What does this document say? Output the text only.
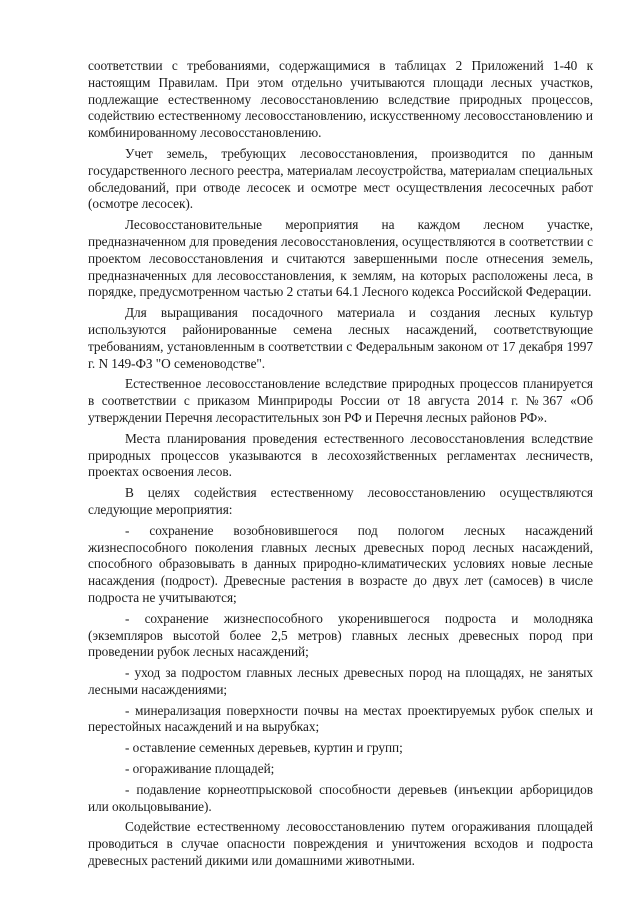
соответствии с требованиями, содержащимися в таблицах 2 Приложений 1-40 к настоящим Правилам. При этом отдельно учитываются площади лесных участков, подлежащие естественному лесовосстановлению вследствие природных процессов, содействию естественному лесовосстановлению, искусственному лесовосстановлению и комбинированному лесовосстановлению.

Учет земель, требующих лесовосстановления, производится по данным государственного лесного реестра, материалам лесоустройства, материалам специальных обследований, при отводе лесосек и осмотре мест осуществления лесосечных работ (осмотре лесосек).

Лесовосстановительные мероприятия на каждом лесном участке, предназначенном для проведения лесовосстановления, осуществляются в соответствии с проектом лесовосстановления и считаются завершенными после отнесения земель, предназначенных для лесовосстановления, к землям, на которых расположены леса, в порядке, предусмотренном частью 2 статьи 64.1 Лесного кодекса Российской Федерации.

Для выращивания посадочного материала и создания лесных культур используются районированные семена лесных насаждений, соответствующие требованиям, установленным в соответствии с Федеральным законом от 17 декабря 1997 г. N 149-ФЗ "О семеноводстве".

Естественное лесовосстановление вследствие природных процессов планируется в соответствии с приказом Минприроды России от 18 августа 2014 г. №367 «Об утверждении Перечня лесорастительных зон РФ и Перечня лесных районов РФ».

Места планирования проведения естественного лесовосстановления вследствие природных процессов указываются в лесохозяйственных регламентах лесничеств, проектах освоения лесов.

В целях содействия естественному лесовосстановлению осуществляются следующие мероприятия:

- сохранение возобновившегося под пологом лесных насаждений жизнеспособного поколения главных лесных древесных пород лесных насаждений, способного образовывать в данных природно-климатических условиях новые лесные насаждения (подрост). Древесные растения в возрасте до двух лет (самосев) в числе подроста не учитываются;

- сохранение жизнеспособного укоренившегося подроста и молодняка (экземпляров высотой более 2,5 метров) главных лесных древесных пород при проведении рубок лесных насаждений;

- уход за подростом главных лесных древесных пород на площадях, не занятых лесными насаждениями;

- минерализация поверхности почвы на местах проектируемых рубок спелых и перестойных насаждений и на вырубках;

- оставление семенных деревьев, куртин и групп;

- огораживание площадей;

- подавление корнеотпрысковой способности деревьев (инъекции арборицидов или окольцовывание).

Содействие естественному лесовосстановлению путем огораживания площадей проводиться в случае опасности повреждения и уничтожения всходов и подроста древесных растений дикими или домашними животными.
